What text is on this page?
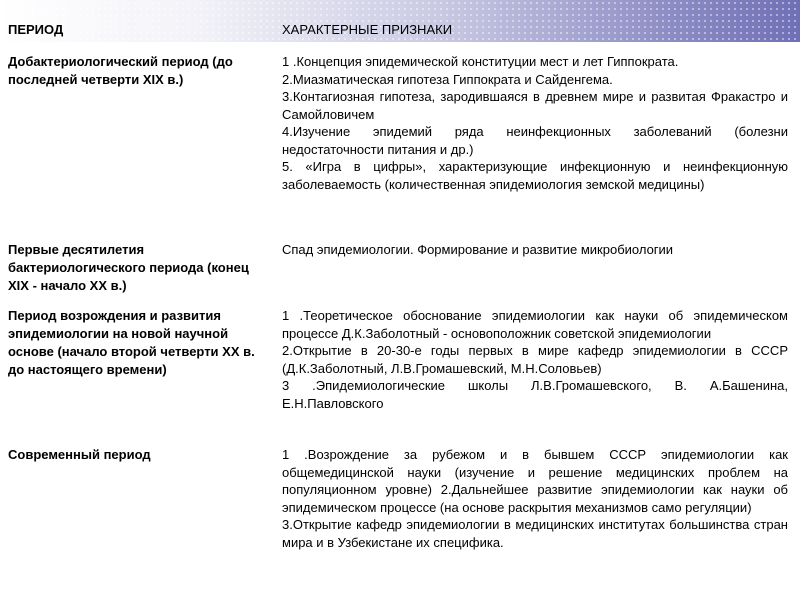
ПЕРИОД	ХАРАКТЕРНЫЕ ПРИЗНАКИ
Добактериологический период (до последней четверти XIX в.)

1 .Концепция эпидемической конституции мест и лет Гиппократа.

2.Миазматическая гипотеза Гиппократа и Сайденгема.

3.Контагиозная гипотеза, зародившаяся в древнем мире и развитая Фракастро и Самойловичем

4.Изучение эпидемий ряда неинфекционных заболеваний (болезни недостаточности питания и др.)

5. «Игра в цифры», характеризующие инфекционную и неинфекционную заболеваемость (количественная эпидемиология земской медицины)

Первые десятилетия бактериологического периода (конец XIX - начало XX в.)

Спад эпидемиологии. Формирование и развитие микробиологии

Период возрождения и развития эпидемиологии на новой научной основе (начало второй четверти XX в. до настоящего времени)

1 .Теоретическое обоснование эпидемиологии как науки об эпидемическом процессе Д.К.Заболотный - основоположник советской эпидемиологии

2.Открытие в 20-30-е годы первых в мире кафедр эпидемиологии в СССР (Д.К.Заболотный, Л.В.Громашевский, М.Н.Соловьев)

3 .Эпидемиологические школы Л.В.Громашевского, В. А.Башенина, Е.Н.Павловского

Современный период	1 .Возрождение за рубежом и в бывшем СССР эпидемиологии как общемедицинской науки (изучение и решение медицинских проблем на популяционном уровне) 2.Дальнейшее развитие эпидемиологии как науки об эпидемическом процессе (на основе раскрытия механизмов само регуляции)

3.Открытие кафедр эпидемиологии в медицинских институтах большинства стран мира и в Узбекистане их специфика.
